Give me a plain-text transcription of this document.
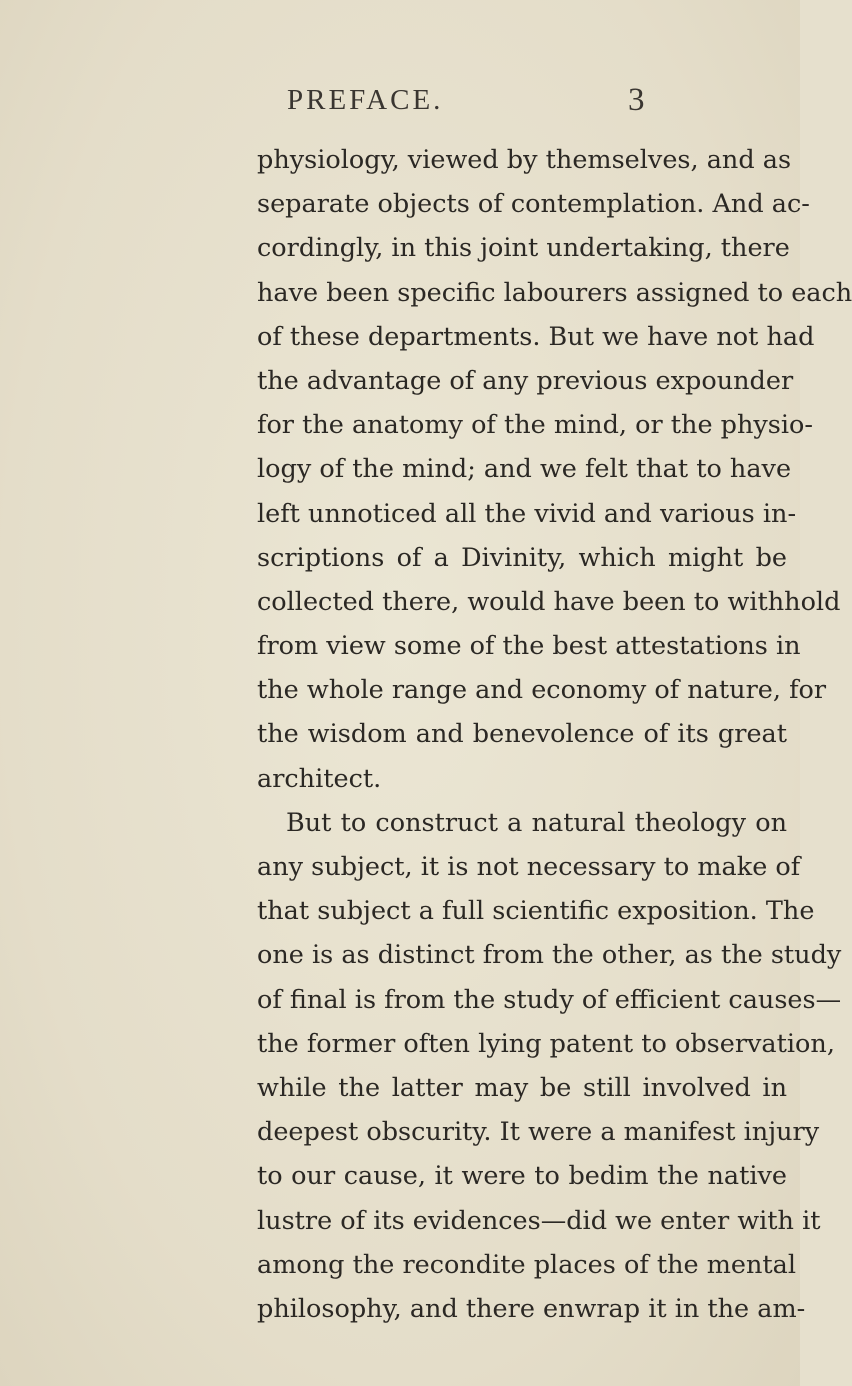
PREFACE.	3
physiology, viewed by themselves, and as
separate objects of contemplation. And ac-
cordingly, in this joint undertaking, there
have been specific labourers assigned to each
of these departments. But we have not had
the advantage of any previous expounder
for the anatomy of the mind, or the physio-
logy of the mind; and we felt that to have
left unnoticed all the vivid and various in-
scriptions of a Divinity, which might be
collected there, would have been to withhold
from view some of the best attestations in
the whole range and economy of nature, for
the wisdom and benevolence of its great
architect.
But to construct a natural theology on
any subject, it is not necessary to make of
that subject a full scientific exposition. The
one is as distinct from the other, as the study
of final is from the study of efficient causes—
the former often lying patent to observation,
while the latter may be still involved in
deepest obscurity. It were a manifest injury
to our cause, it were to bedim the native
lustre of its evidences—did we enter with it
among the recondite places of the mental
philosophy, and there enwrap it in the am-
